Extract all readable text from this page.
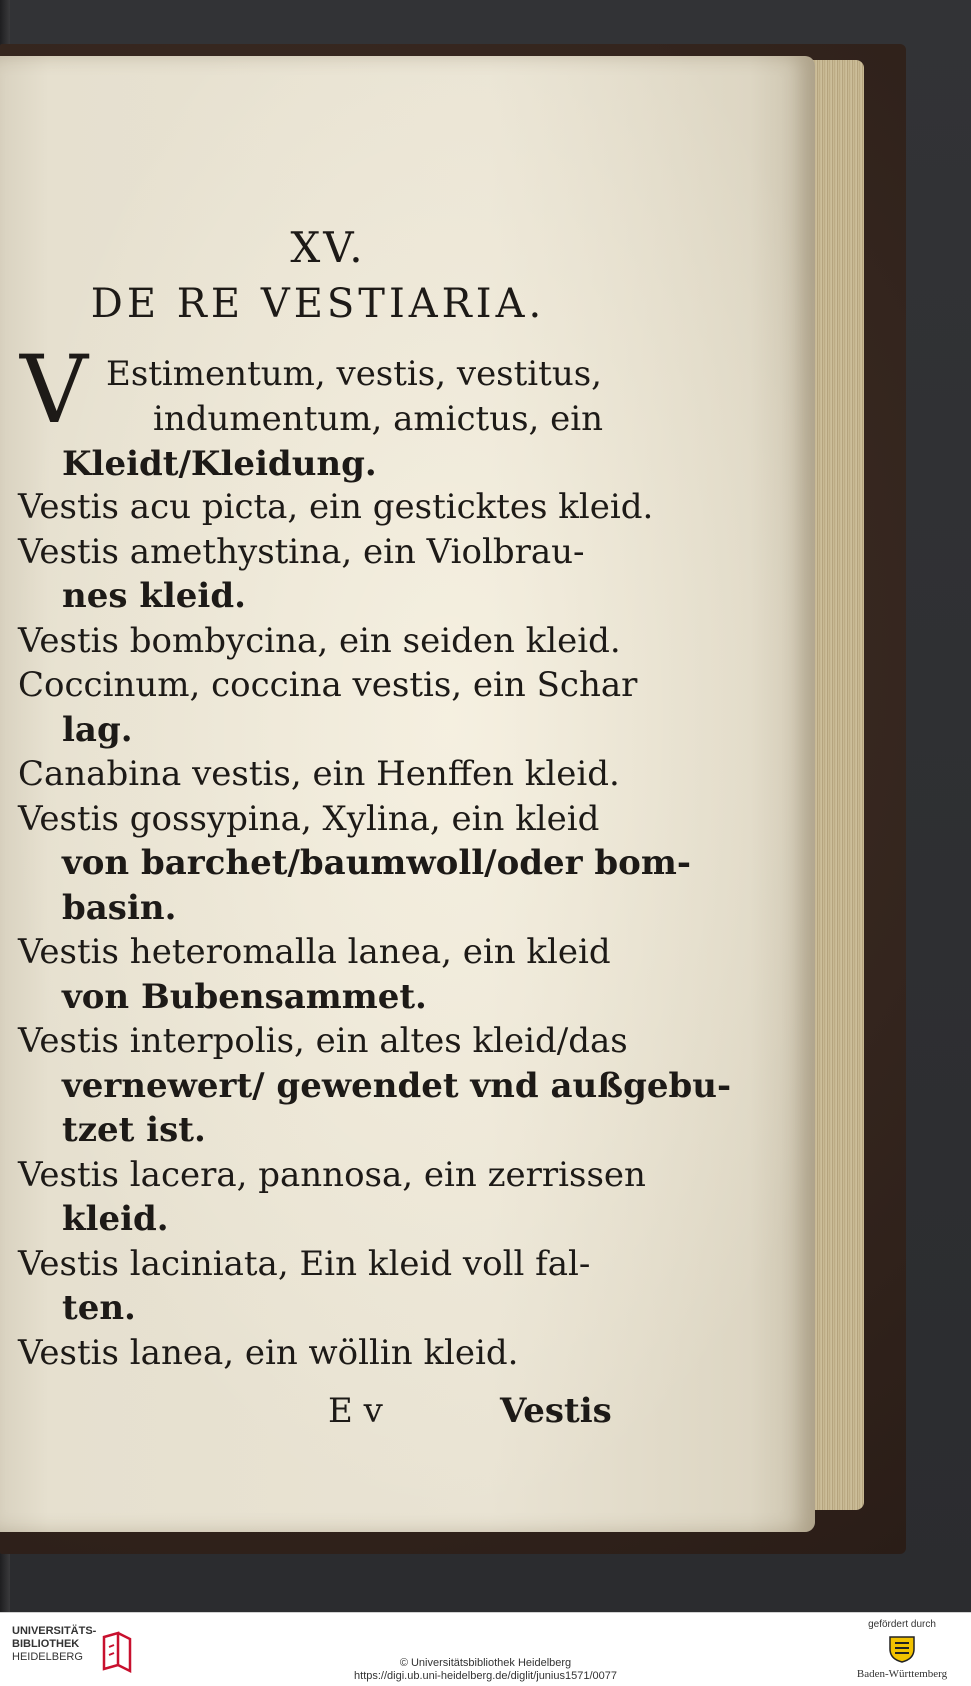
XV.
DE RE VESTIARIA.
V Estimentum, vestis, vestitus,
indumentum, amictus, ein
Kleidt/Kleidung.
Vestis acu picta, ein gesticktes kleid.
Vestis amethystina, ein Violbrau-
nes kleid.
Vestis bombycina, ein seiden kleid.
Coccinum, coccina vestis, ein Schar
lag.
Canabina vestis, ein Henffen kleid.
Vestis gossypina, Xylina, ein kleid
von barchet/baumwoll/oder bom-
basin.
Vestis heteromalla lanea, ein kleid
von Bubensammet.
Vestis interpolis, ein altes kleid/das
vernewert/ gewendet vnd außgebu-
tzet ist.
Vestis lacera, pannosa, ein zerrissen
kleid.
Vestis laciniata, Ein kleid voll fal-
ten.
Vestis lanea, ein wöllin kleid.
E v	Vestis
UNIVERSITÄTS-
BIBLIOTHEK
HEIDELBERG	© Universitätsbibliothek Heidelberg
https://digi.ub.uni-heidelberg.de/diglit/junius1571/0077
gefördert durch
Baden-Württemberg
